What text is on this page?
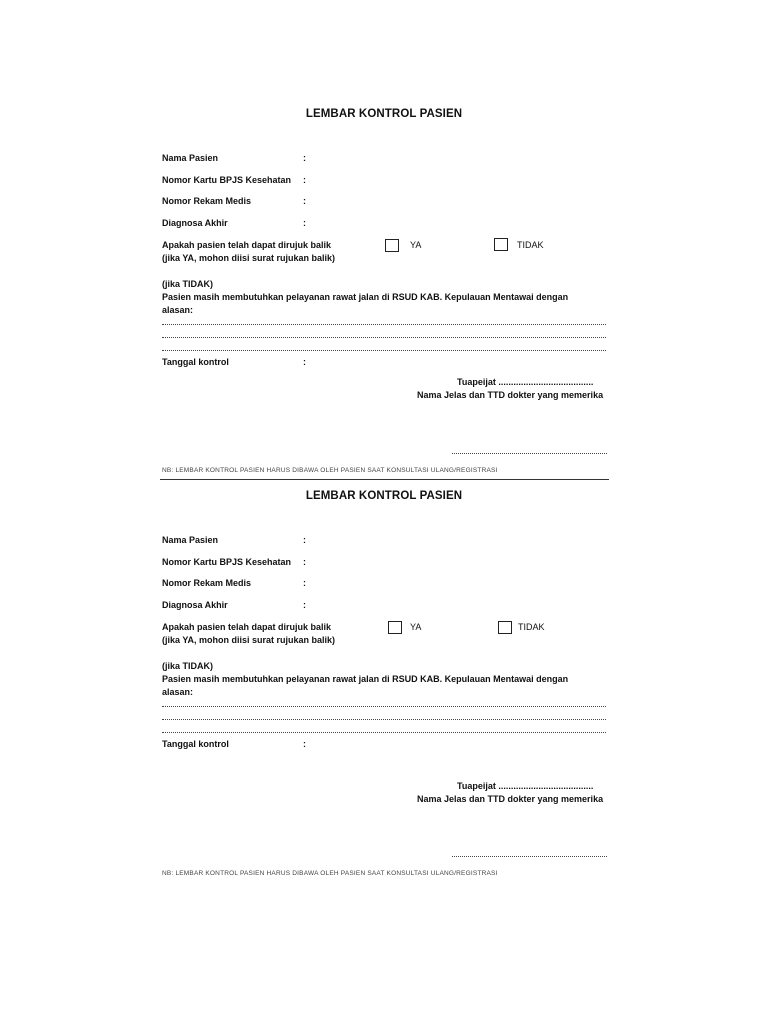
LEMBAR KONTROL PASIEN
Nama Pasien	:
Nomor Kartu BPJS Kesehatan :
Nomor Rekam Medis	:
Diagnosa Akhir	:
Apakah pasien telah dapat dirujuk balik
(jika YA, mohon diisi surat rujukan balik)
YA	TIDAK
(jika TIDAK)
Pasien masih membutuhkan pelayanan rawat jalan di RSUD KAB. Kepulauan Mentawai dengan
alasan:
Tanggal kontrol	:
Tuapeijat ......................................
Nama Jelas dan TTD dokter yang memerika
NB: LEMBAR KONTROL PASIEN HARUS DIBAWA OLEH PASIEN SAAT KONSULTASI ULANG/REGISTRASI
LEMBAR KONTROL PASIEN
Nama Pasien	:
Nomor Kartu BPJS Kesehatan :
Nomor Rekam Medis	:
Diagnosa Akhir	:
Apakah pasien telah dapat dirujuk balik
(jika YA, mohon diisi surat rujukan balik)
YA	TIDAK
(jika TIDAK)
Pasien masih membutuhkan pelayanan rawat jalan di RSUD KAB. Kepulauan Mentawai dengan
alasan:
Tanggal kontrol	:
Tuapeijat ......................................
Nama Jelas dan TTD dokter yang memerika
NB: LEMBAR KONTROL PASIEN HARUS DIBAWA OLEH PASIEN SAAT KONSULTASI ULANG/REGISTRASI
